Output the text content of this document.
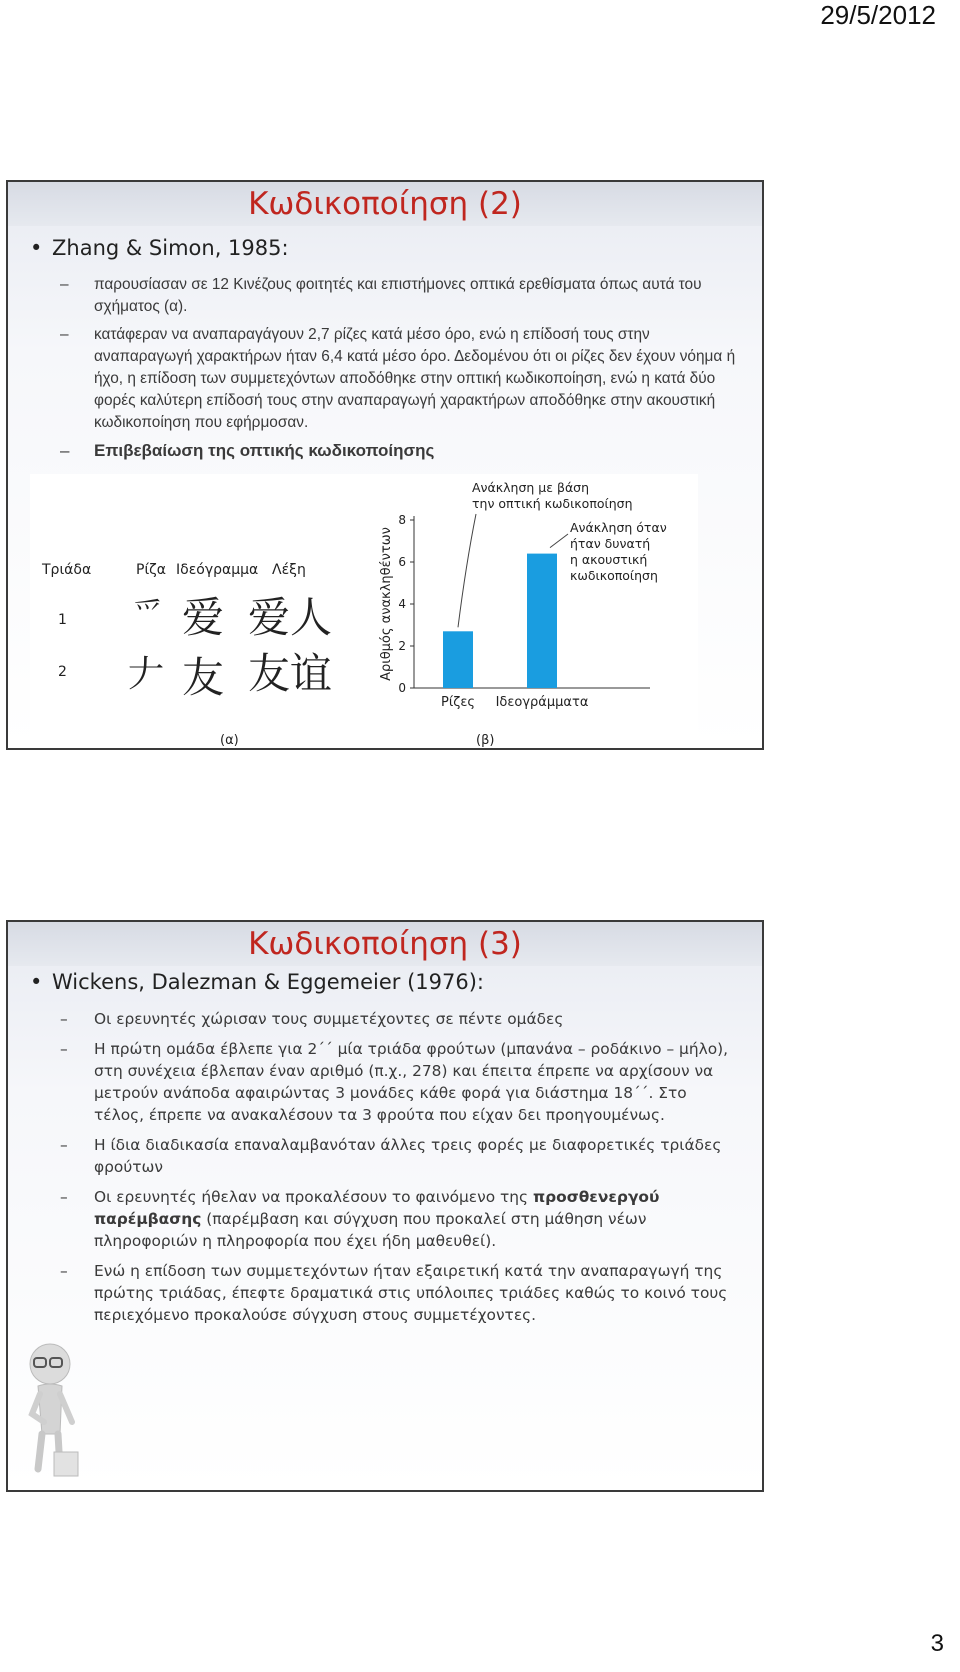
29/5/2012
Κωδικοποίηση (2)
• Zhang & Simon, 1985:
– παρουσίασαν σε 12 Κινέζους φοιτητές και επιστήμονες οπτικά ερεθίσματα όπως αυτά του σχήματος (α).
– κατάφεραν να αναπαραγάγουν 2,7 ρίζες κατά μέσο όρο, ενώ η επίδοσή τους στην αναπαραγωγή χαρακτήρων ήταν 6,4 κατά μέσο όρο. Δεδομένου ότι οι ρίζες δεν έχουν νόημα ή ήχο, η επίδοση των συμμετεχόντων αποδόθηκε στην οπτική κωδικοποίηση, ενώ η κατά δύο φορές καλύτερη επίδοσή τους στην αναπαραγωγή χαρακτήρων αποδόθηκε στην ακουστική κωδικοποίηση που εφήρμοσαν.
– Επιβεβαίωση της οπτικής κωδικοποίησης
Τριάδα	Ρίζα Ιδεόγραμμα Λέξη
1 爫 爱 爱人
2 𠂇 友 友谊
(α)
0
2
4
6
8
Ρίζες Ιδεογράμματα
Αριθμός ανακληθέντων
Ανάκληση με βάση
την οπτική κωδικοποίηση
Ανάκληση όταν
ήταν δυνατή
η ακουστική
κωδικοποίηση
(β)
Κωδικοποίηση (3)
• Wickens, Dalezman & Eggemeier (1976):
– Οι ερευνητές χώρισαν τους συμμετέχοντες σε πέντε ομάδες
– Η πρώτη ομάδα έβλεπε για 2΄΄ μία τριάδα φρούτων (μπανάνα – ροδάκινο – μήλο), στη συνέχεια έβλεπαν έναν αριθμό (π.χ., 278) και έπειτα έπρεπε να αρχίσουν να μετρούν ανάποδα αφαιρώντας 3 μονάδες κάθε φορά για διάστημα 18΄΄. Στο τέλος, έπρεπε να ανακαλέσουν τα 3 φρούτα που είχαν δει προηγουμένως.
– Η ίδια διαδικασία επαναλαμβανόταν άλλες τρεις φορές με διαφορετικές τριάδες φρούτων
– Οι ερευνητές ήθελαν να προκαλέσουν το φαινόμενο της προσθενεργού παρέμβασης (παρέμβαση και σύγχυση που προκαλεί στη μάθηση νέων πληροφοριών η πληροφορία που έχει ήδη μαθευθεί).
– Ενώ η επίδοση των συμμετεχόντων ήταν εξαιρετική κατά την αναπαραγωγή της πρώτης τριάδας, έπεφτε δραματικά στις υπόλοιπες τριάδες καθώς το κοινό τους περιεχόμενο προκαλούσε σύγχυση στους συμμετέχοντες.
3
